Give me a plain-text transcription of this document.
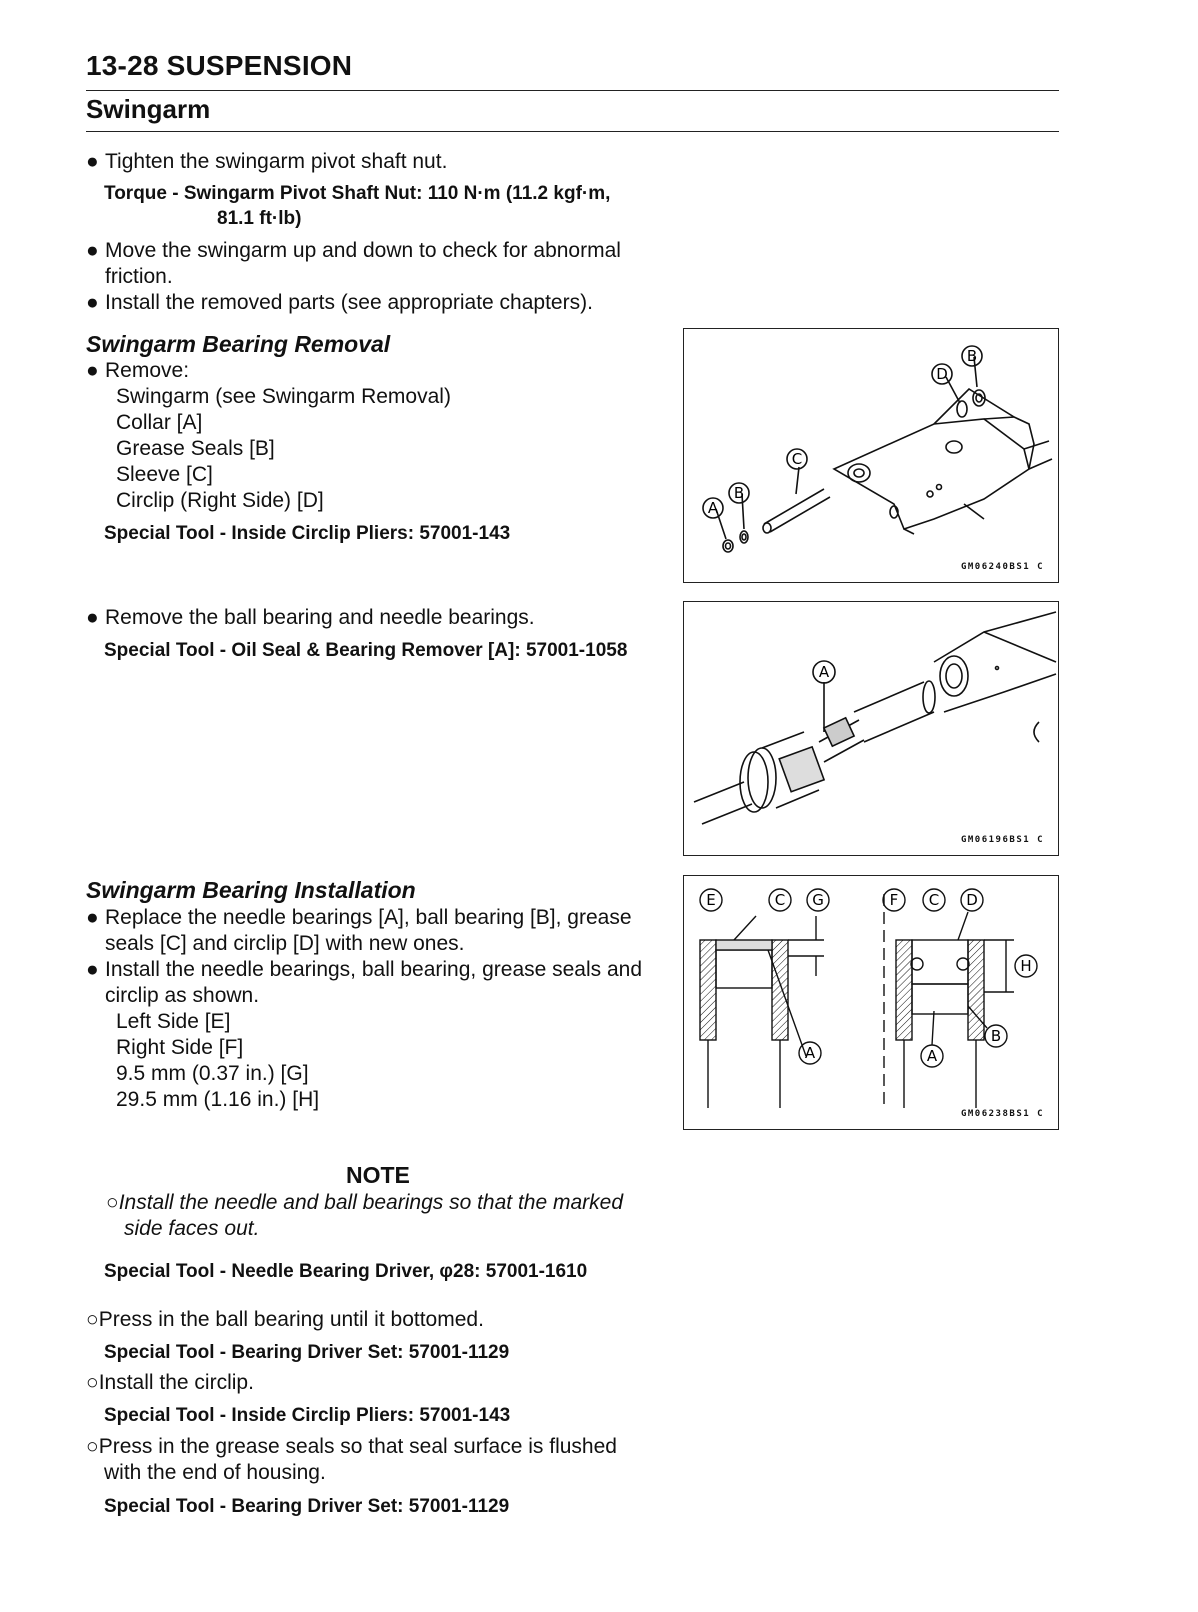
13-28 SUSPENSION
Swingarm
● Tighten the swingarm pivot shaft nut.
Torque - Swingarm Pivot Shaft Nut: 110 N·m (11.2 kgf·m,
81.1 ft·lb)
● Move the swingarm up and down to check for abnormal
friction.
● Install the removed parts (see appropriate chapters).
Swingarm Bearing Removal
● Remove:
Swingarm (see Swingarm Removal)
Collar [A]
Grease Seals [B]
Sleeve [C]
Circlip (Right Side) [D]
Special Tool - Inside Circlip Pliers: 57001-143
● Remove the ball bearing and needle bearings.
Special Tool - Oil Seal & Bearing Remover [A]: 57001-1058
Swingarm Bearing Installation
● Replace the needle bearings [A], ball bearing [B], grease
seals [C] and circlip [D] with new ones.
● Install the needle bearings, ball bearing, grease seals and
circlip as shown.
Left Side [E]
Right Side [F]
9.5 mm (0.37 in.) [G]
29.5 mm (1.16 in.) [H]
NOTE
○Install the needle and ball bearings so that the marked
side faces out.
Special Tool - Needle Bearing Driver, φ28: 57001-1610
○Press in the ball bearing until it bottomed.
Special Tool - Bearing Driver Set: 57001-1129
○Install the circlip.
Special Tool - Inside Circlip Pliers: 57001-143
○Press in the grease seals so that seal surface is flushed
with the end of housing.
Special Tool - Bearing Driver Set: 57001-1129
A
B
C
D
B
GM06240BS1 C
A
GM06196BS1 C
E	C G	F C D
H
A
B
A
GM06238BS1 C
